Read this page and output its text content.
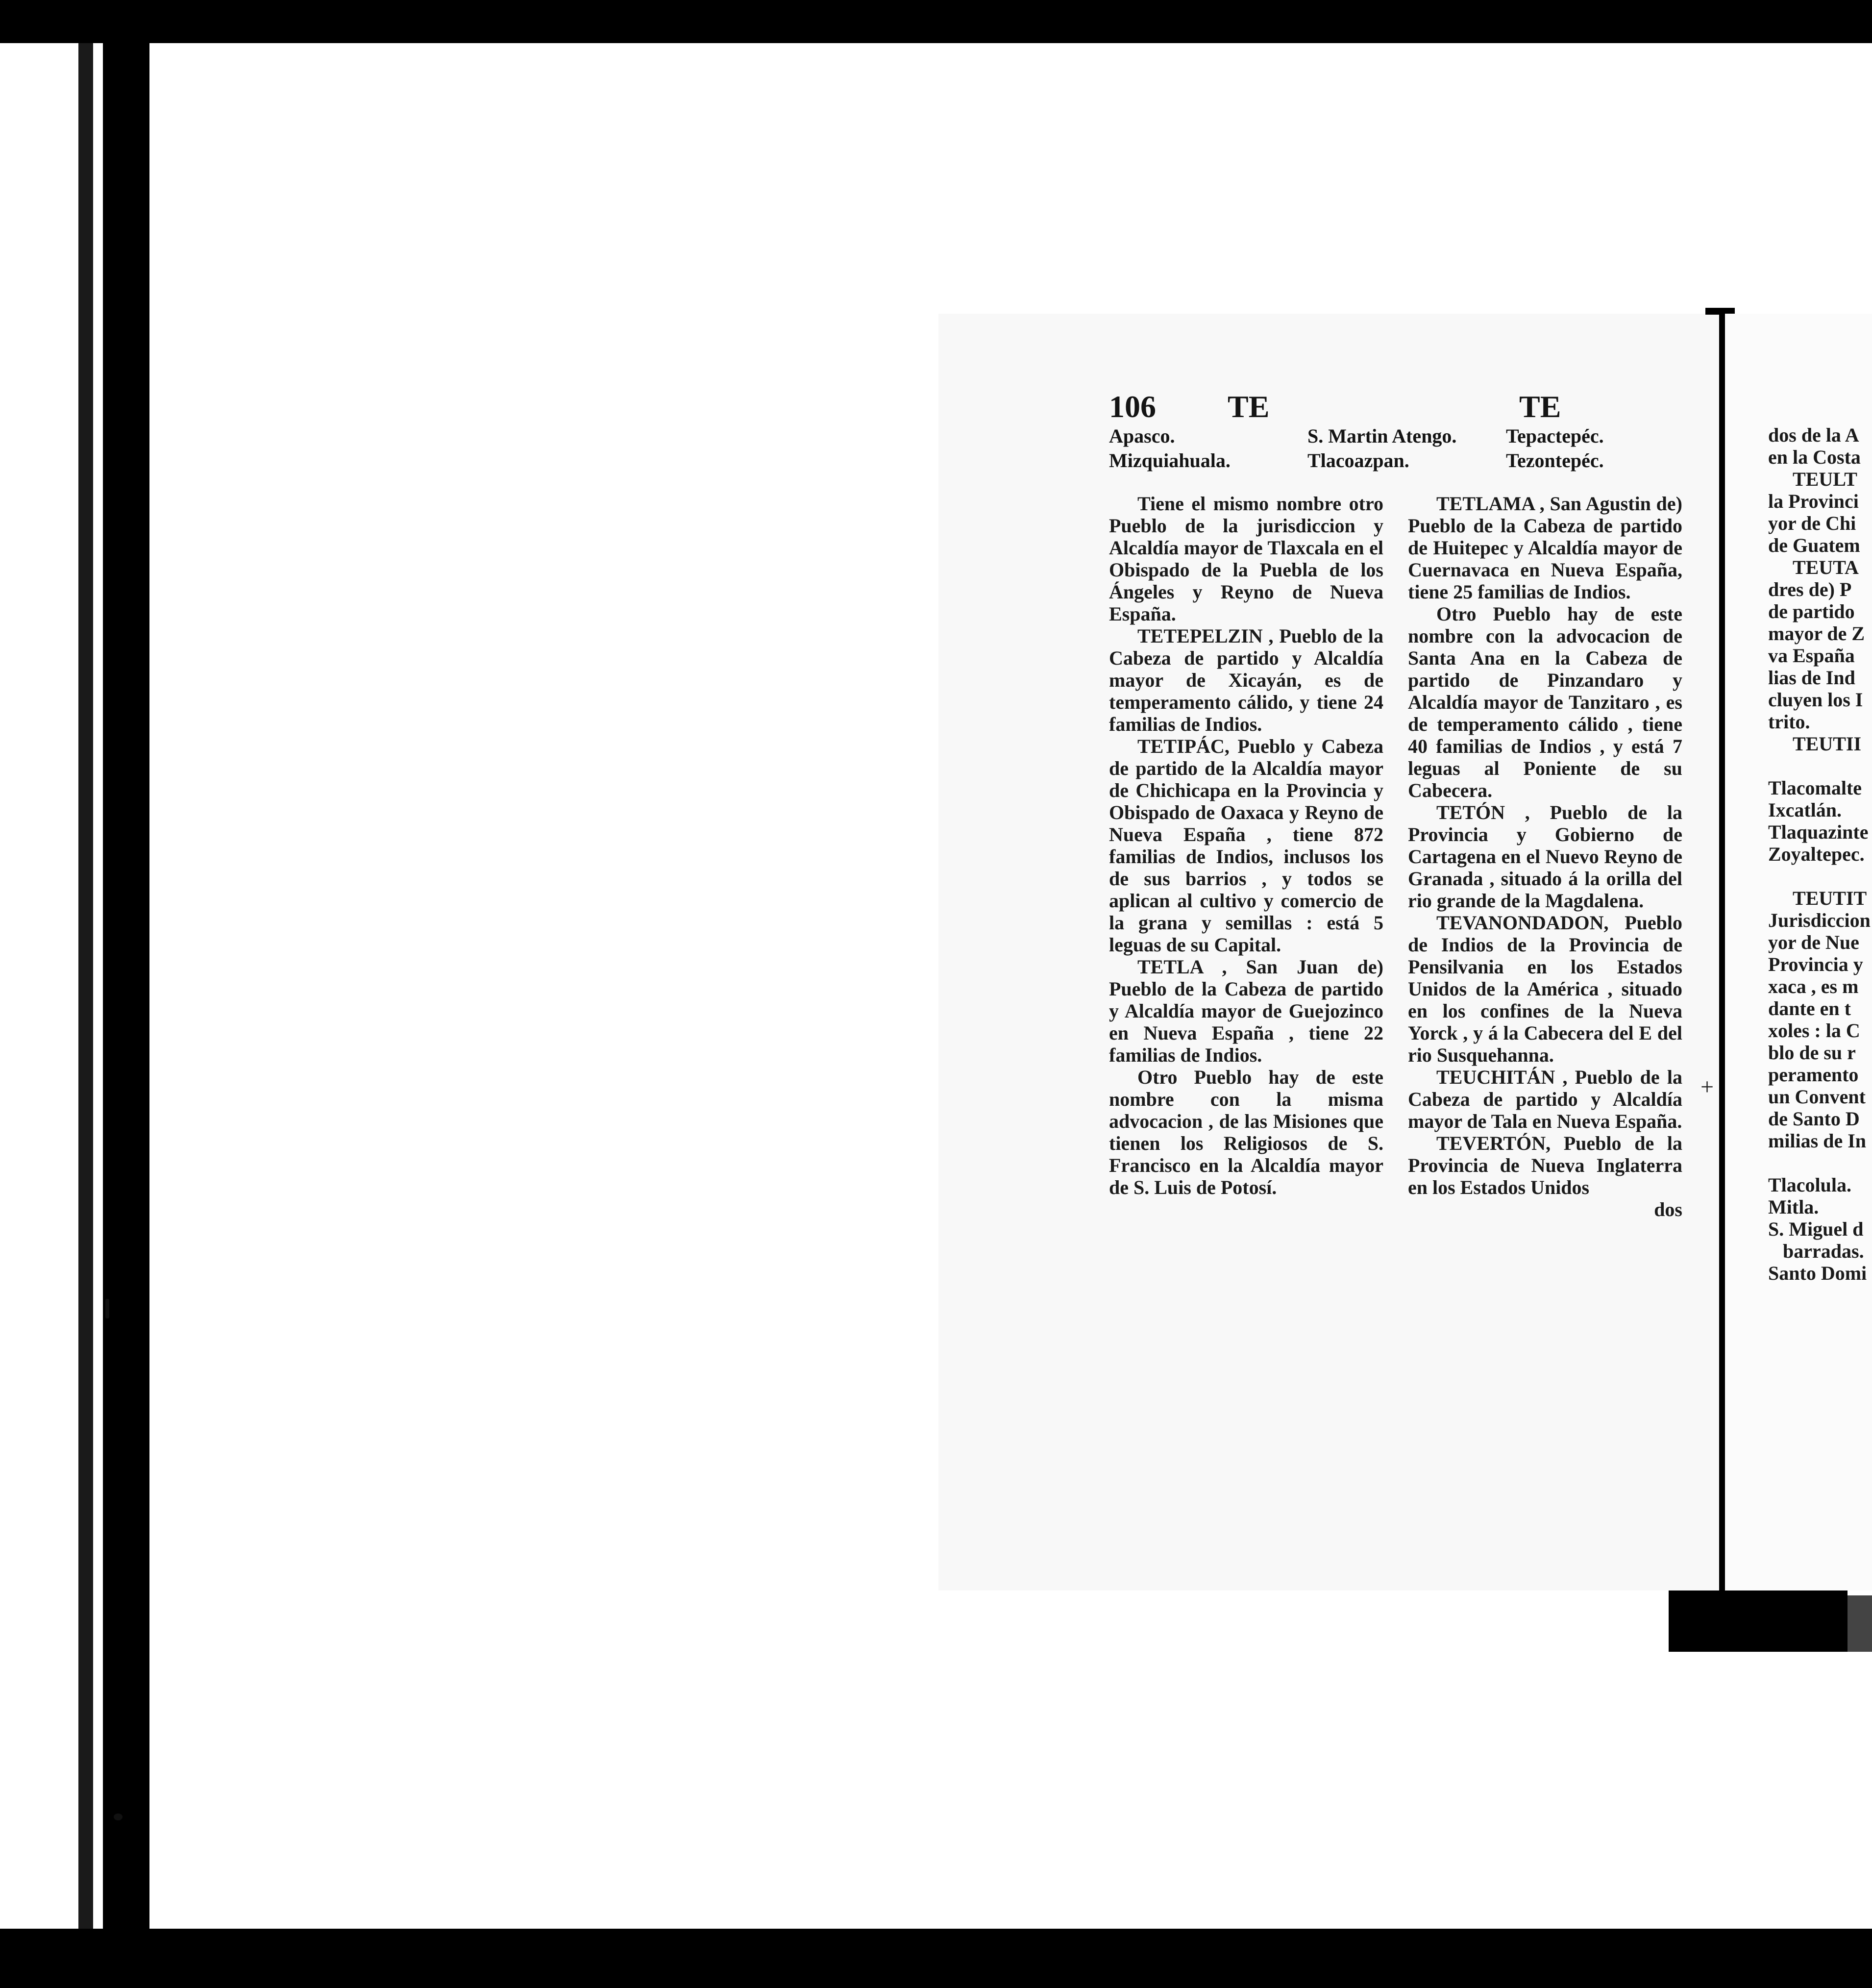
106 TE	TE
Apasco.
Mizquiahuala.
S. Martin Atengo.
Tlacoazpan.
Tepactepéc.
Tezontepéc.

Tiene el mismo nombre otro Pueblo de la jurisdiccion y Alcaldía mayor de Tlaxcala en el Obispado de la Puebla de los Ángeles y Reyno de Nueva España.

TETEPELZIN , Pueblo de la Cabeza de partido y Alcaldía mayor de Xicayán, es de temperamento cálido, y tiene 24 familias de Indios.

TETIPÁC, Pueblo y Cabeza de partido de la Alcaldía mayor de Chichicapa en la Provincia y Obispado de Oaxaca y Reyno de Nueva España , tiene 872 familias de Indios, inclusos los de sus barrios , y todos se aplican al cultivo y comercio de la grana y semillas : está 5 leguas de su Capital.

TETLA , San Juan de) Pueblo de la Cabeza de partido y Alcaldía mayor de Guejozinco en Nueva España , tiene 22 familias de Indios.

Otro Pueblo hay de este nombre con la misma advocacion , de las Misiones que tienen los Religiosos de S. Francisco en la Alcaldía mayor de S. Luis de Potosí.

TETLAMA , San Agustin de) Pueblo de la Cabeza de partido de Huitepec y Alcaldía mayor de Cuernavaca en Nueva España, tiene 25 familias de Indios.

Otro Pueblo hay de este nombre con la advocacion de Santa Ana en la Cabeza de partido de Pinzandaro y Alcaldía mayor de Tanzitaro , es de temperamento cálido , tiene 40 familias de Indios , y está 7 leguas al Poniente de su Cabecera.

TETÓN , Pueblo de la Provincia y Gobierno de Cartagena en el Nuevo Reyno de Granada , situado á la orilla del rio grande de la Magdalena.

TEVANONDADON, Pueblo de Indios de la Provincia de Pensilvania en los Estados Unidos de la América , situado en los confines de la Nueva Yorck , y á la Cabecera del E del rio Susquehanna.

TEUCHITÁN , Pueblo de la Cabeza de partido y Alcaldía mayor de Tala en Nueva España.

TEVERTÓN, Pueblo de la Provincia de Nueva Inglaterra en los Estados Unidos

dos

+
dos de la A
en la Costa
TEULT
la Provinci
yor de Chi
de Guatem
TEUTA
dres de) P
de partido
mayor de Z
va España
lias de Ind
cluyen los I
trito.
TEUTII
Tlacomalte
Ixcatlán.
Tlaquazinte
Zoyaltepec.
TEUTIT
Jurisdiccion
yor de Nue
Provincia y
xaca , es m
dante en t
xoles : la C
blo de su r
peramento
un Convent
de Santo D
milias de In
Tlacolula.
Mitla.
S. Miguel d
barradas.
Santo Domi
